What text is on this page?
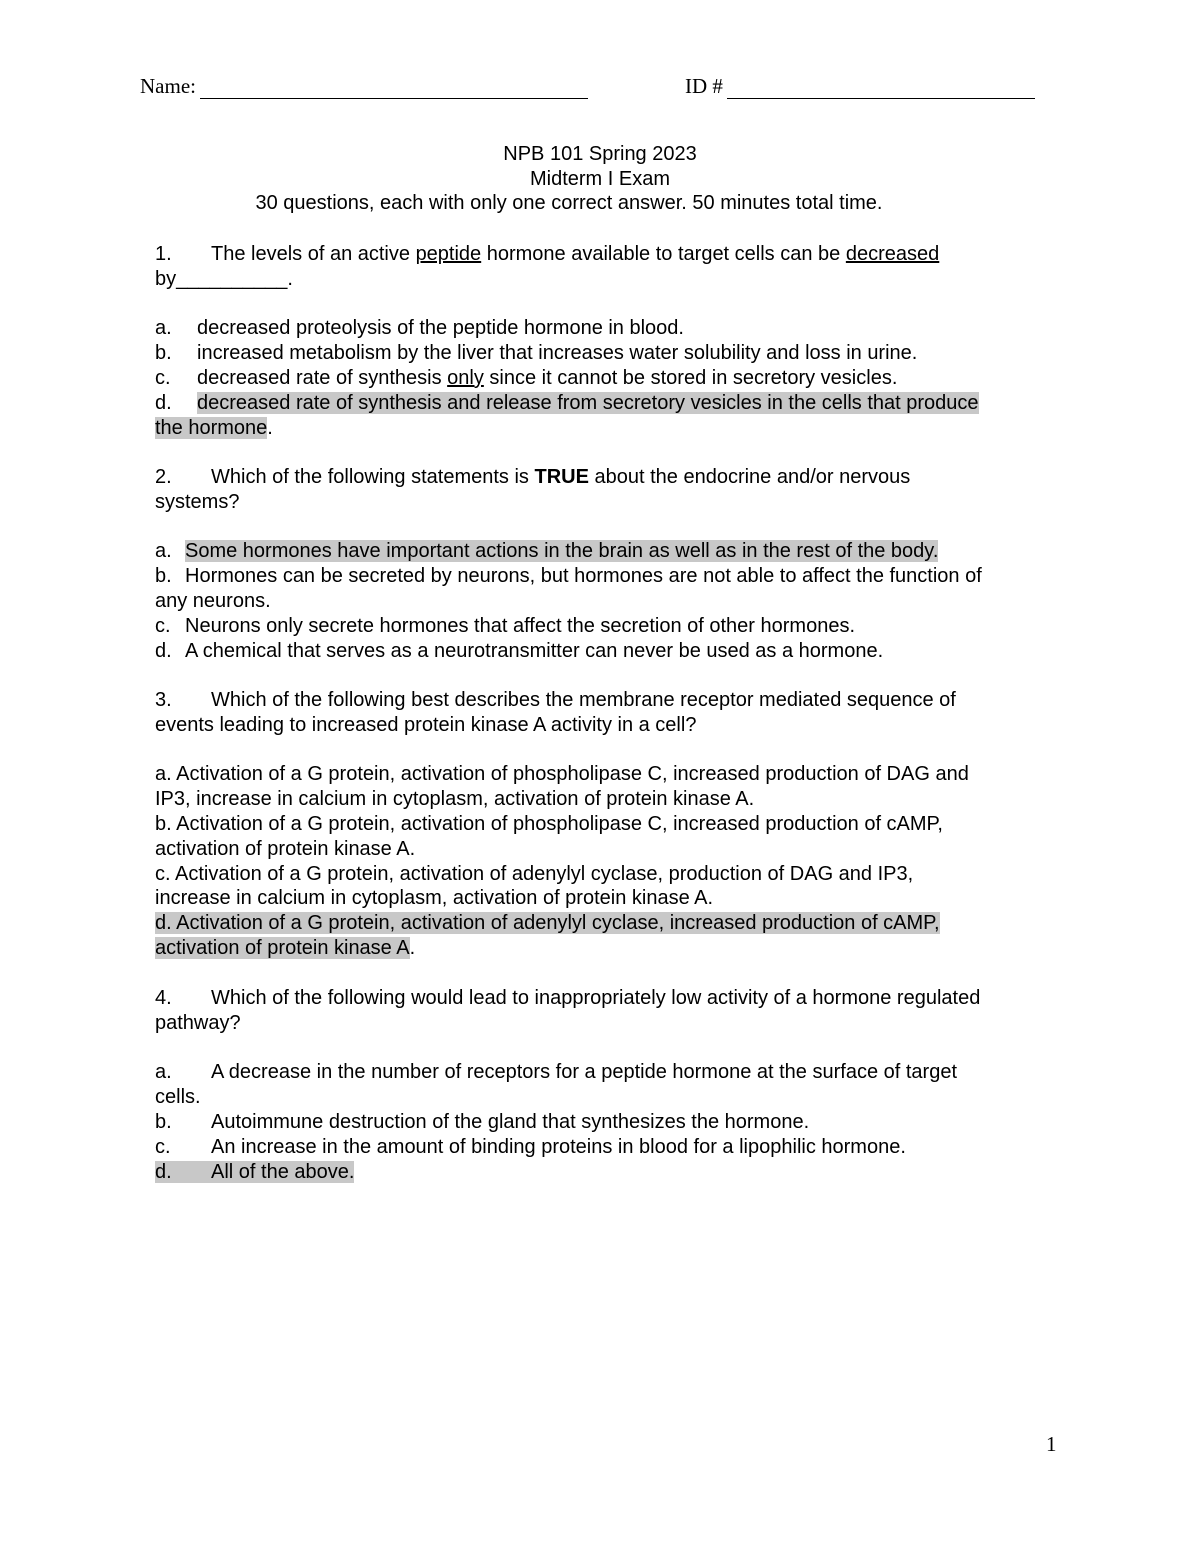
Name:	ID #
NPB 101 Spring 2023
Midterm I Exam
30 questions, each with only one correct answer. 50 minutes total time.
1. The levels of an active peptide hormone available to target cells can be decreased
by__________.

a. decreased proteolysis of the peptide hormone in blood.
b. increased metabolism by the liver that increases water solubility and loss in urine.
c. decreased rate of synthesis only since it cannot be stored in secretory vesicles.
d. decreased rate of synthesis and release from secretory vesicles in the cells that produce
the hormone.
2. Which of the following statements is TRUE about the endocrine and/or nervous
systems?

a. Some hormones have important actions in the brain as well as in the rest of the body.
b. Hormones can be secreted by neurons, but hormones are not able to affect the function of
any neurons.
c. Neurons only secrete hormones that affect the secretion of other hormones.
d. A chemical that serves as a neurotransmitter can never be used as a hormone.
3. Which of the following best describes the membrane receptor mediated sequence of
events leading to increased protein kinase A activity in a cell?

a. Activation of a G protein, activation of phospholipase C, increased production of DAG and
IP3, increase in calcium in cytoplasm, activation of protein kinase A.
b. Activation of a G protein, activation of phospholipase C, increased production of cAMP,
activation of protein kinase A.
c. Activation of a G protein, activation of adenylyl cyclase, production of DAG and IP3,
increase in calcium in cytoplasm, activation of protein kinase A.
d. Activation of a G protein, activation of adenylyl cyclase, increased production of cAMP,
activation of protein kinase A.
4. Which of the following would lead to inappropriately low activity of a hormone regulated
pathway?

a. A decrease in the number of receptors for a peptide hormone at the surface of target
cells.
b. Autoimmune destruction of the gland that synthesizes the hormone.
c. An increase in the amount of binding proteins in blood for a lipophilic hormone.
d. All of the above.
1
